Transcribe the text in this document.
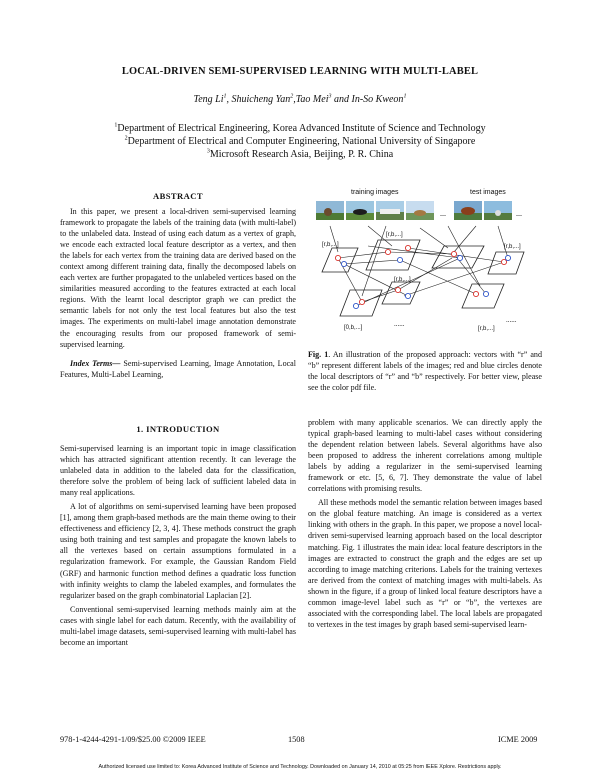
LOCAL-DRIVEN SEMI-SUPERVISED LEARNING WITH MULTI-LABEL
Teng Li$^1$, Shuicheng Yan$^2$,Tao Mei$^3$ and In-So Kweon$^1$
$^1$Department of Electrical Engineering, Korea Advanced Institute of Science and Technology
$^2$Department of Electrical and Computer Engineering, National University of Singapore
$^3$Microsoft Research Asia, Beijing, P. R. China
ABSTRACT

In this paper, we present a local-driven semi-supervised learning framework to propagate the labels of the training data (with multi-label) to the unlabeled data. Instead of using each datum as a vertex of graph, we encode each extracted local feature descriptor as a vertex, and then the labels for each vertex from the training data are derived based on the context among different training data, finally the decomposed labels on each vertex are further propagated to the unlabeled vertices based on the similarities measured according to the features extracted at each local regions. With the learnt local descriptor graph we can predict the semantic labels for not only the test local features but also the test images. The experiments on multi-label image annotation demonstrate the encouraging results from our proposed framework of semi-supervised learning.

Index Terms— Semi-supervised Learning, Image Annotation, Local Features, Multi-Label Learning,

1. INTRODUCTION

Semi-supervised learning is an important topic in image classification which has attracted significant attention recently. It can leverage the unlabeled data in addition to the labeled data for the classification, therefore solve the problem of being lack of sufficient labeled data in many real applications.

A lot of algorithms on semi-supervised learning have been proposed [1], among them graph-based methods are the main theme owing to their effectiveness and efficiency [2, 3, 4]. These methods construct the graph using both training and test samples and propagate the known labels to all the vertexes based on certain assumptions formulated in a regularization framework. For example, the Gaussian Random Field (GRF) and harmonic function method defines a quadratic loss function with infinity weights to clamp the labeled examples, and formulates the regularizer based on the graph combinatorial Laplacian [2].

Conventional semi-supervised learning methods mainly aim at the cases with single label for each datum. Recently, with the availability of multi-label image datasets, semi-supervised learning with multi-label has become an important

training images	test images
...	...
[r,b,...]
[r,b,...]
[r,b,...]
[0,b,...]	[r,b,...]
[r,b,...]
......	......
Fig. 1. An illustration of the proposed approach: vectors with “r” and “b” represent different labels of the images; red and blue circles denote the local descriptors of “r” and “b” respectively. For better view, please see the color pdf file.

problem with many applicable scenarios. We can directly apply the typical graph-based learning to multi-label cases without considering the dependent relation between labels. Several algorithms have also been proposed to address the inherent correlations among multiple labels by adding a regularizer in the semi-supervised learning framework or etc. [5, 6, 7]. They demonstrate the value of label correlations with promising results.

All these methods model the semantic relation between images based on the global feature matching. An image is considered as a vertex linking with others in the graph. In this paper, we propose a novel local-driven semi-supervised learning approach based on the local descriptor matching. Fig. 1 illustrates the main idea: local feature descriptors in the images are extracted to construct the graph and the edges are set up according to image matching criterions. Labels for the training vertexes are derived from the context of matching images with multi-labels. As shown in the figure, if a group of linked local feature descriptors have a common image-level label such as “r” or “b”, the vertexes are associated with the corresponding label. The local labels are propagated to vertexes in the test images by graph based semi-supervised learn-

978-1-4244-4291-1/09/$25.00 ©2009 IEEE	1508	ICME 2009
Authorized licensed use limited to: Korea Advanced Institute of Science and Technology. Downloaded on January 14, 2010 at 05:25 from IEEE Xplore. Restrictions apply.
